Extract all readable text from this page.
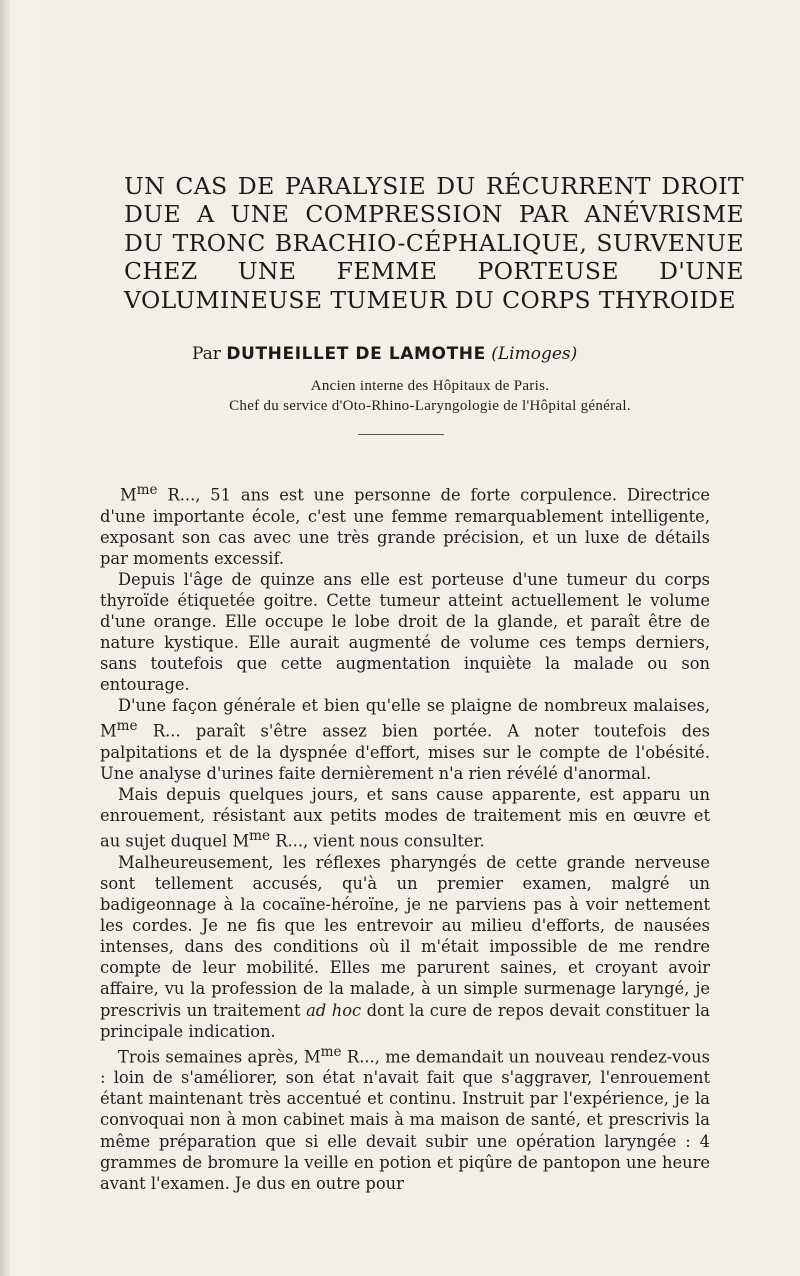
UN CAS DE PARALYSIE DU RÉCURRENT DROIT DUE A UNE COMPRESSION PAR ANÉVRISME DU TRONC BRACHIO-CÉPHALIQUE, SURVENUE CHEZ UNE FEMME PORTEUSE D'UNE VOLUMINEUSE TUMEUR DU CORPS THYROIDE
Par DUTHEILLET DE LAMOTHE (Limoges)
Ancien interne des Hôpitaux de Paris.
Chef du service d'Oto-Rhino-Laryngologie de l'Hôpital général.

$M^{me}$ R..., 51 ans est une personne de forte corpulence. Directrice d'une importante école, c'est une femme remarquablement intelligente, exposant son cas avec une très grande précision, et un luxe de détails par moments excessif.

Depuis l'âge de quinze ans elle est porteuse d'une tumeur du corps thyroïde étiquetée goitre. Cette tumeur atteint actuellement le volume d'une orange. Elle occupe le lobe droit de la glande, et paraît être de nature kystique. Elle aurait augmenté de volume ces temps derniers, sans toutefois que cette augmentation inquiète la malade ou son entourage.

D'une façon générale et bien qu'elle se plaigne de nombreux malaises, $M^{me}$ R... paraît s'être assez bien portée. A noter toutefois des palpitations et de la dyspnée d'effort, mises sur le compte de l'obésité. Une analyse d'urines faite dernièrement n'a rien révélé d'anormal.

Mais depuis quelques jours, et sans cause apparente, est apparu un enrouement, résistant aux petits modes de traitement mis en œuvre et au sujet duquel $M^{me}$ R..., vient nous consulter.

Malheureusement, les réflexes pharyngés de cette grande nerveuse sont tellement accusés, qu'à un premier examen, malgré un badigeonnage à la cocaïne-héroïne, je ne parviens pas à voir nettement les cordes. Je ne fis que les entrevoir au milieu d'efforts, de nausées intenses, dans des conditions où il m'était impossible de me rendre compte de leur mobilité. Elles me parurent saines, et croyant avoir affaire, vu la profession de la malade, à un simple surmenage laryngé, je prescrivis un traitement ad hoc dont la cure de repos devait constituer la principale indication.

Trois semaines après, $M^{me}$ R..., me demandait un nouveau rendez-vous : loin de s'améliorer, son état n'avait fait que s'aggraver, l'enrouement étant maintenant très accentué et continu. Instruit par l'expérience, je la convoquai non à mon cabinet mais à ma maison de santé, et prescrivis la même préparation que si elle devait subir une opération laryngée : 4 grammes de bromure la veille en potion et piqûre de pantopon une heure avant l'examen. Je dus en outre pour
